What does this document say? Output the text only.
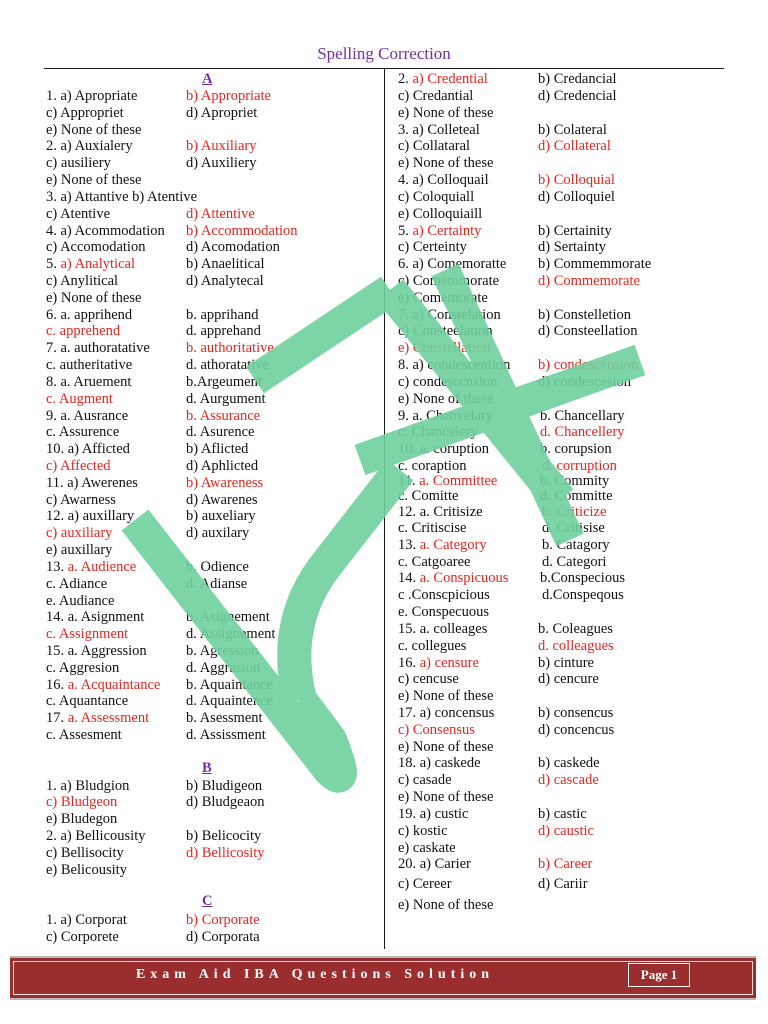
Spelling Correction
1. a) Apropriate	b) Appropriate
c) Appropriet	d) Apropriet
e) None of these
2. a) Auxialery	b) Auxiliary
c) ausiliery	d) Auxiliery
e) None of these
3. a) Attantive b) Atentive
c) Atentive	d) Attentive
4. a) Acommodation b) Accommodation
c) Accomodation	d) Acomodation
5. a) Analytical	b) Anaelitical
c) Anylitical	d) Analytecal
e) None of these
6. a. apprihend	b. apprihand
c. apprehend	d. apprehand
7. a. authoratative b. authoritative
c. autheritative	d. athoratative
8. a. Aruement	b.Argeument
c. Augment	d. Aurgument
9. a. Ausrance	b. Assurance
c. Assurence	d. Asurence
10. a) Afficted	b) Aflicted
c) Affected	d) Aphlicted
11. a) Awerenes	b) Awareness
c) Awarness	d) Awarenes
12. a) auxillary	b) auxeliary
c) auxiliary	d) auxilary
e) auxillary
13. a. Audience	b. Odience
c. Adiance	d. Adianse
e. Audiance
14. a. Asignment	b. Asignement
c. Assignment	d. Assignement
15. a. Aggression	b. Agression
c. Aggresion	d. Aggrasion
16. a. Acquaintance b. Aquaintance
c. Aquantance	d. Aquaintence
17. a. Assessment	b. Asessment
c. Assesment	d. Assissment
1. a) Bludgion	b) Bludigeon
c) Bludgeon	d) Bludgeaon
e) Bludegon
2. a) Bellicousity	b) Belicocity
c) Bellisocity	d) Bellicosity
e) Belicousity
1. a) Corporat	b) Corporate
c) Corporete	d) Corporata
2. a) Credential	b) Credancial
c) Credantial	d) Credencial
e) None of these
3. a) Colleteal	b) Colateral
c) Collataral	d) Collateral
e) None of these
4. a) Colloquail	b) Colloquial
c) Coloquiall	d) Colloquiel
e) Colloquiaill
5. a) Certainty	b) Certainity
c) Certeinty	d) Sertainty
6. a) Comemoratte b) Commemmorate
c) Comemmorate	d) Commemorate
e) Comemorate
7. a) Constelation	b) Constelletion
c) Consteelation	d) Consteellation
e) Constellation
8. a) condescention b) condescension
c) condesccnsion	d) condescesion
e) None of these
9. a. Chanvelary	b. Chancellary
c. Chancelery	d. Chancellery
10. a. coruption	b. corupsion
c. coraption	d. corruption
11. a. Committee	b. Commity
c. Comitte	d. Committe
12. a. Critisize	b. Criticize
c. Critiscise	d. Critisise
13. a. Category	b. Catagory
c. Catgoaree	d. Categori
14. a. Conspicuous b.Conspecious
c .Conscpicious	d.Conspeqous
e. Conspecuous
15. a. colleages	b. Coleagues
c. collegues	d. colleagues
16. a) censure	b) cinture
c) cencuse	d) cencure
e) None of these
17. a) concensus	b) consencus
c) Consensus	d) concencus
e) None of these
18. a) caskede	b) caskede
c) casade	d) cascade
e) None of these
19. a) custic	b) castic
c) kostic	d) caustic
e) caskate
20. a) Carier	b) Career
c) Cereer	d) Cariir
e) None of these
A
B
C
Exam Aid IBA Questions Solution	Page 1
